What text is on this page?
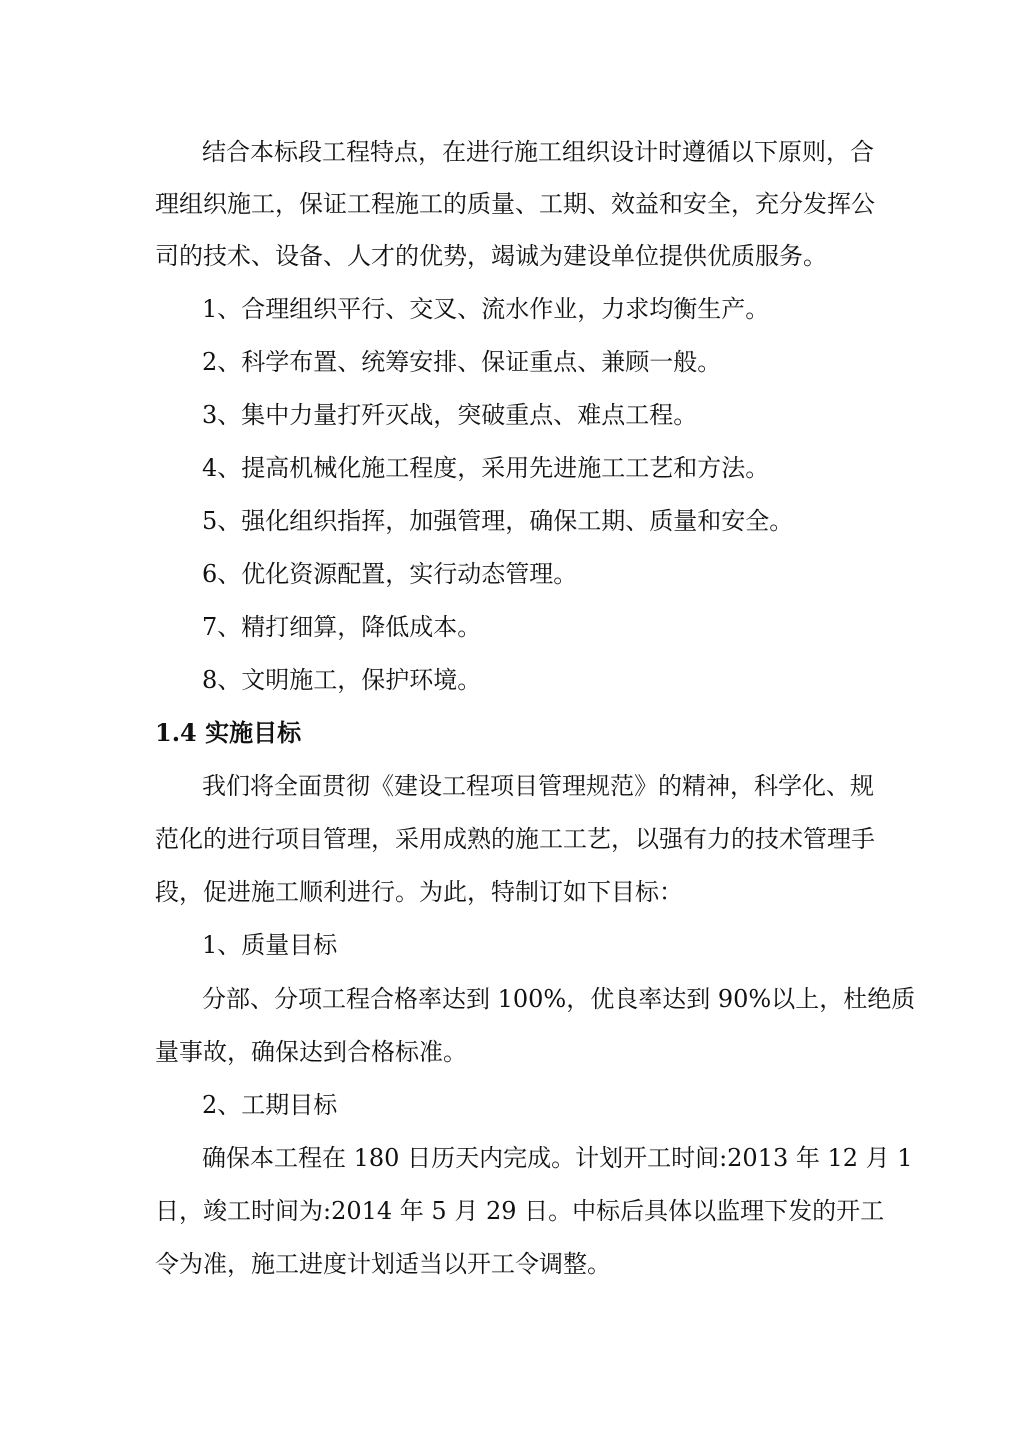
结合本标段工程特点，在进行施工组织设计时遵循以下原则，合
理组织施工，保证工程施工的质量、工期、效益和安全，充分发挥公
司的技术、设备、人才的优势，竭诚为建设单位提供优质服务。
1、合理组织平行、交叉、流水作业，力求均衡生产。
2、科学布置、统筹安排、保证重点、兼顾一般。
3、集中力量打歼灭战，突破重点、难点工程。
4、提高机械化施工程度，采用先进施工工艺和方法。
5、强化组织指挥，加强管理，确保工期、质量和安全。
6、优化资源配置，实行动态管理。
7、精打细算，降低成本。
8、文明施工，保护环境。
1.4 实施目标
我们将全面贯彻《建设工程项目管理规范》的精神，科学化、规
范化的进行项目管理，采用成熟的施工工艺，以强有力的技术管理手
段，促进施工顺利进行。为此，特制订如下目标：
1、质量目标
分部、分项工程合格率达到 100%，优良率达到 90%以上，杜绝质
量事故，确保达到合格标准。
2、工期目标
确保本工程在 180 日历天内完成。计划开工时间:2013 年 12 月 1
日，竣工时间为:2014 年 5 月 29 日。中标后具体以监理下发的开工
令为准，施工进度计划适当以开工令调整。
